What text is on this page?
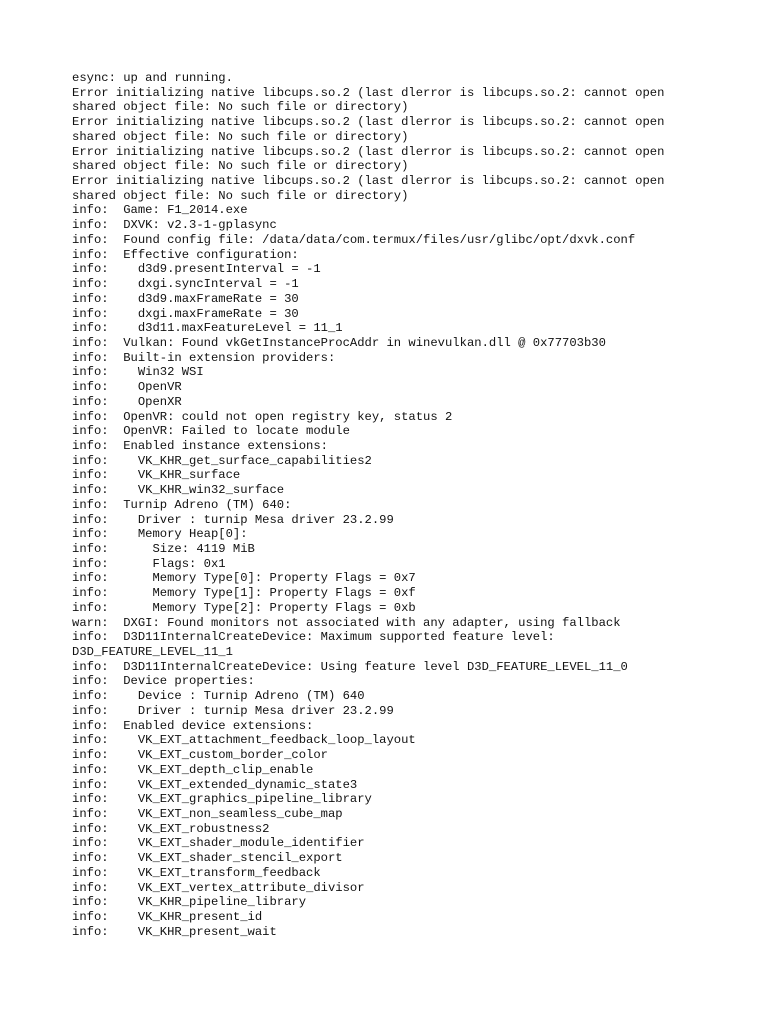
esync: up and running.
Error initializing native libcups.so.2 (last dlerror is libcups.so.2: cannot open
shared object file: No such file or directory)
Error initializing native libcups.so.2 (last dlerror is libcups.so.2: cannot open
shared object file: No such file or directory)
Error initializing native libcups.so.2 (last dlerror is libcups.so.2: cannot open
shared object file: No such file or directory)
Error initializing native libcups.so.2 (last dlerror is libcups.so.2: cannot open
shared object file: No such file or directory)
info:  Game: F1_2014.exe
info:  DXVK: v2.3-1-gplasync
info:  Found config file: /data/data/com.termux/files/usr/glibc/opt/dxvk.conf
info:  Effective configuration:
info:    d3d9.presentInterval = -1
info:    dxgi.syncInterval = -1
info:    d3d9.maxFrameRate = 30
info:    dxgi.maxFrameRate = 30
info:    d3d11.maxFeatureLevel = 11_1
info:  Vulkan: Found vkGetInstanceProcAddr in winevulkan.dll @ 0x77703b30
info:  Built-in extension providers:
info:    Win32 WSI
info:    OpenVR
info:    OpenXR
info:  OpenVR: could not open registry key, status 2
info:  OpenVR: Failed to locate module
info:  Enabled instance extensions:
info:    VK_KHR_get_surface_capabilities2
info:    VK_KHR_surface
info:    VK_KHR_win32_surface
info:  Turnip Adreno (TM) 640:
info:    Driver : turnip Mesa driver 23.2.99
info:    Memory Heap[0]:
info:      Size: 4119 MiB
info:      Flags: 0x1
info:      Memory Type[0]: Property Flags = 0x7
info:      Memory Type[1]: Property Flags = 0xf
info:      Memory Type[2]: Property Flags = 0xb
warn:  DXGI: Found monitors not associated with any adapter, using fallback
info:  D3D11InternalCreateDevice: Maximum supported feature level:
D3D_FEATURE_LEVEL_11_1
info:  D3D11InternalCreateDevice: Using feature level D3D_FEATURE_LEVEL_11_0
info:  Device properties:
info:    Device : Turnip Adreno (TM) 640
info:    Driver : turnip Mesa driver 23.2.99
info:  Enabled device extensions:
info:    VK_EXT_attachment_feedback_loop_layout
info:    VK_EXT_custom_border_color
info:    VK_EXT_depth_clip_enable
info:    VK_EXT_extended_dynamic_state3
info:    VK_EXT_graphics_pipeline_library
info:    VK_EXT_non_seamless_cube_map
info:    VK_EXT_robustness2
info:    VK_EXT_shader_module_identifier
info:    VK_EXT_shader_stencil_export
info:    VK_EXT_transform_feedback
info:    VK_EXT_vertex_attribute_divisor
info:    VK_KHR_pipeline_library
info:    VK_KHR_present_id
info:    VK_KHR_present_wait
